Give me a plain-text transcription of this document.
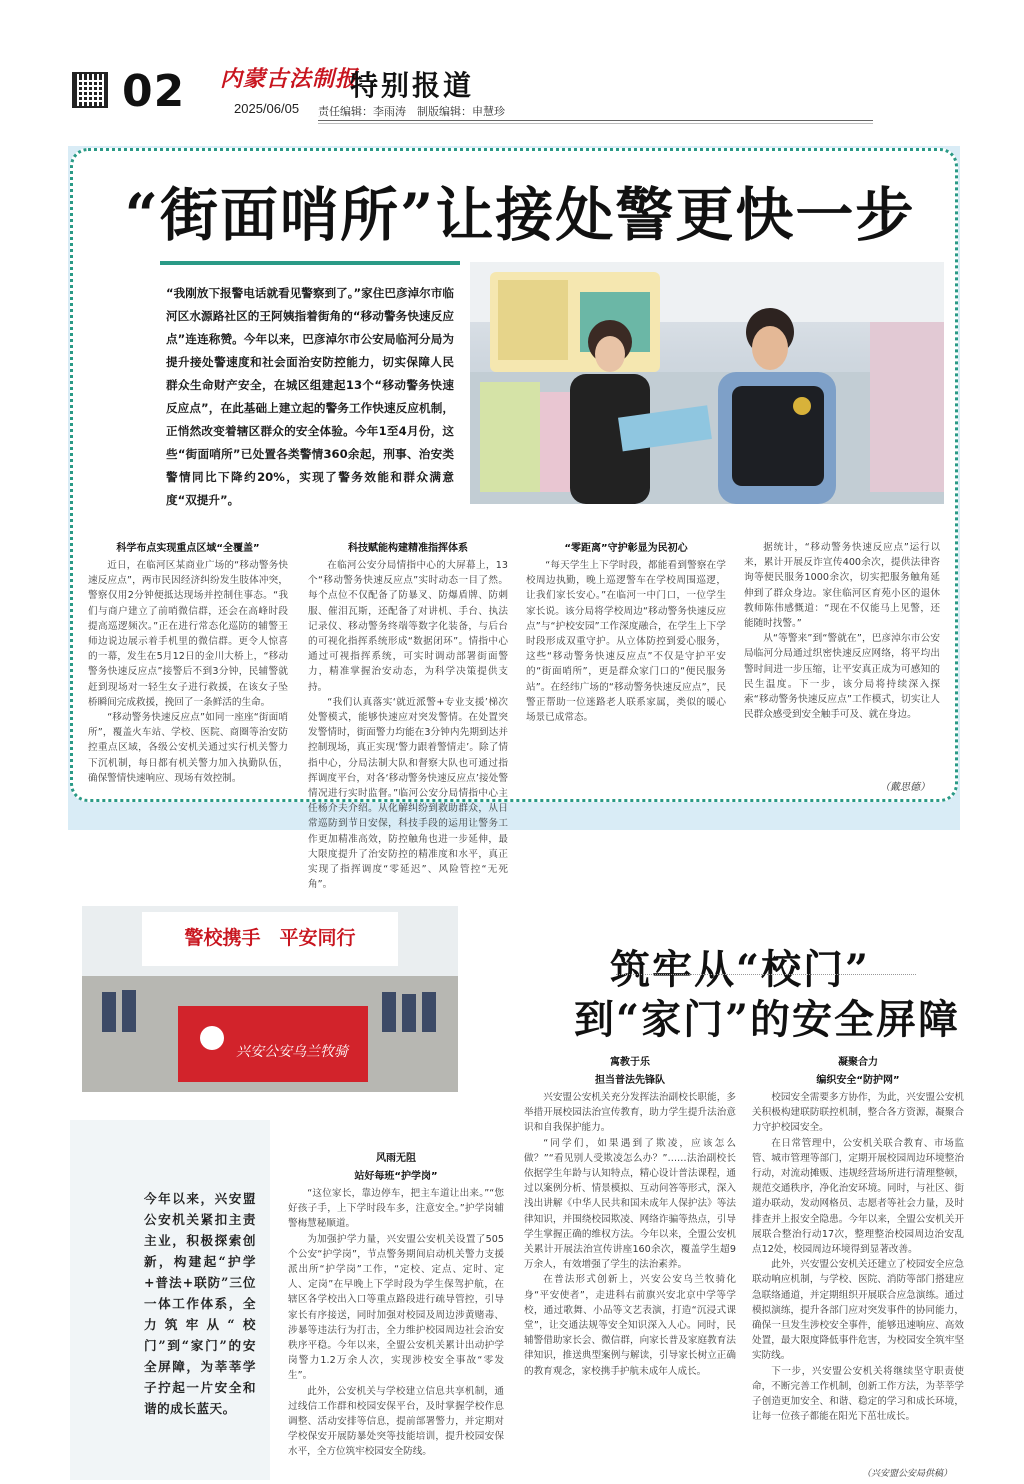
02 内蒙古法制报
2025/06/05
特别报道
责任编辑：李雨涛　制版编辑：申慧珍
“街面哨所”让接处警更快一步
“我刚放下报警电话就看见警察到了。”家住巴彦淖尔市临河区水源路社区的王阿姨指着街角的“移动警务快速反应点”连连称赞。今年以来，巴彦淖尔市公安局临河分局为提升接处警速度和社会面治安防控能力，切实保障人民群众生命财产安全，在城区组建起13个“移动警务快速反应点”，在此基础上建立起的警务工作快速反应机制，正悄然改变着辖区群众的安全体验。今年1至4月份，这些“街面哨所”已处置各类警情360余起，刑事、治安类警情同比下降约20%，实现了警务效能和群众满意度“双提升”。
科学布点实现重点区域“全覆盖”
近日，在临河区某商业广场的“移动警务快速反应点”，两市民因经济纠纷发生肢体冲突，警察仅用2分钟便抵达现场并控制住事态。“我们与商户建立了前哨微信群，还会在高峰时段提高巡逻频次。”正在进行常态化巡防的辅警王师边说边展示着手机里的微信群。更令人惊喜的一幕，发生在5月12日的金川大桥上，“移动警务快速反应点”接警后不到3分钟，民辅警就赶到现场对一轻生女子进行救援，在该女子坠桥瞬间完成救援，挽回了一条鲜活的生命。
“移动警务快速反应点”如同一座座“街面哨所”，覆盖火车站、学校、医院、商圈等治安防控重点区域，各级公安机关通过实行机关警力下沉机制，每日都有机关警力加入执勤队伍，确保警情快速响应、现场有效控制。
科技赋能构建精准指挥体系
在临河公安分局情指中心的大屏幕上，13个“移动警务快速反应点”实时动态一目了然。每个点位不仅配备了防暴叉、防爆盾牌、防刺服、催泪瓦斯，还配备了对讲机、手台、执法记录仪、移动警务终端等数字化装备，与后台的可视化指挥系统形成“数据闭环”。情指中心通过可视指挥系统，可实时调动部署街面警力，精准掌握治安动态，为科学决策提供支持。
“我们认真落实‘就近派警+专业支援’梯次处警模式，能够快速应对突发警情。在处置突发警情时，街面警力均能在3分钟内先期到达并控制现场，真正实现‘警力跟着警情走’。除了情指中心，分局法制大队和督察大队也可通过指挥调度平台，对各‘移动警务快速反应点’接处警情况进行实时监督。”临河公安分局情指中心主任杨介夫介绍。从化解纠纷到救助群众，从日常巡防到节日安保，科技手段的运用让警务工作更加精准高效，防控触角也进一步延伸，最大限度提升了治安防控的精准度和水平，真正实现了指挥调度“零延迟”、风险管控“无死角”。
“零距离”守护彰显为民初心
“每天学生上下学时段，都能看到警察在学校周边执勤，晚上巡逻警车在学校周围巡逻，让我们家长安心。”在临河一中门口，一位学生家长说。该分局将学校周边“移动警务快速反应点”与“护校安园”工作深度融合，在学生上下学时段形成双重守护。从立体防控到爱心服务，这些“移动警务快速反应点”不仅是守护平安的“街面哨所”，更是群众家门口的“便民服务站”。在经纬广场的“移动警务快速反应点”，民警正帮助一位迷路老人联系家属，类似的暖心场景已成常态。
据统计，“移动警务快速反应点”运行以来，累计开展反诈宣传400余次，提供法律咨询等便民服务1000余次，切实把服务触角延伸到了群众身边。家住临河区育苑小区的退休教师陈伟感慨道：“现在不仅能马上见警，还能随时找警。”
从“等警来”到“警就在”，巴彦淖尔市公安局临河分局通过织密快速反应网络，将平均出警时间进一步压缩，让平安真正成为可感知的民生温度。下一步，该分局将持续深入探索“移动警务快速反应点”工作模式，切实让人民群众感受到安全触手可及、就在身边。
（戴思德）
警校携手　平安同行
兴安公安乌兰牧骑
筑牢从“校门”
到“家门”的安全屏障
今年以来，兴安盟公安机关紧扣主责主业，积极探索创新，构建起“护学+普法+联防”三位一体工作体系，全力筑牢从“校门”到“家门”的安全屏障，为莘莘学子拧起一片安全和谐的成长蓝天。
风雨无阻
站好每班“护学岗”
“这位家长，靠边停车，把主车道让出来。”“您好孩子手，上下学时段车多，注意安全。”护学岗辅警梅慧秘顺道。
为加强护学力量，兴安盟公安机关设置了505个公安“护学岗”，节点警务期间启动机关警力支援派出所“护学岗”工作，“定校、定点、定时、定人、定岗”在早晚上下学时段为学生保驾护航，在辖区各学校出入口等重点路段进行疏导管控，引导家长有序接送，同时加强对校园及周边涉黄赌毒、涉暴等违法行为打击，全力维护校园周边社会治安秩序平稳。今年以来，全盟公安机关累计出动护学岗警力1.2万余人次，实现涉校安全事故“零发生”。
此外，公安机关与学校建立信息共享机制，通过线信工作群和校园安保平台，及时掌握学校作息调整、活动安排等信息，提前部署警力，并定期对学校保安开展防暴处突等技能培训，提升校园安保水平，全方位筑牢校园安全防线。
寓教于乐
担当普法先锋队
兴安盟公安机关充分发挥法治副校长职能，多举措开展校园法治宣传教育，助力学生提升法治意识和自我保护能力。
“同学们，如果遇到了欺凌，应该怎么做？”“看见别人受欺凌怎么办？”……法治副校长依据学生年龄与认知特点，精心设计普法课程，通过以案例分析、情景模拟、互动问答等形式，深入浅出讲解《中华人民共和国未成年人保护法》等法律知识，并围绕校园欺凌、网络诈骗等热点，引导学生掌握正确的维权方法。今年以来，全盟公安机关累计开展法治宣传讲座160余次，覆盖学生超9万余人，有效增强了学生的法治素养。
在普法形式创新上，兴安公安乌兰牧骑化身“平安使者”，走进科右前旗兴安北京中学等学校，通过歌舞、小品等文艺表演，打造“沉浸式课堂”，让交通法规等安全知识深入人心。同时，民辅警借助家长会、微信群，向家长普及家庭教育法律知识，推送典型案例与解读，引导家长树立正确的教育观念，家校携手护航未成年人成长。
凝聚合力
编织安全“防护网”
校园安全需要多方协作，为此，兴安盟公安机关积极构建联防联控机制，整合各方资源，凝聚合力守护校园安全。
在日常管理中，公安机关联合教育、市场监管、城市管理等部门，定期开展校园周边环境整治行动，对流动摊贩、违规经营场所进行清理整顿，规范交通秩序，净化治安环境。同时，与社区、街道办联动，发动网格员、志愿者等社会力量，及时排查并上报安全隐患。今年以来，全盟公安机关开展联合整治行动17次，整理整治校园周边治安乱点12处，校园周边环境得到显著改善。
此外，兴安盟公安机关还建立了校园安全应急联动响应机制，与学校、医院、消防等部门搭建应急联络通道，并定期组织开展联合应急演练。通过模拟演练，提升各部门应对突发事件的协同能力，确保一旦发生涉校安全事件，能够迅速响应、高效处置，最大限度降低事件危害，为校园安全筑牢坚实防线。
下一步，兴安盟公安机关将继续坚守职责使命，不断完善工作机制，创新工作方法，为莘莘学子创造更加安全、和谐、稳定的学习和成长环境，让每一位孩子都能在阳光下茁壮成长。
（兴安盟公安局供稿）
